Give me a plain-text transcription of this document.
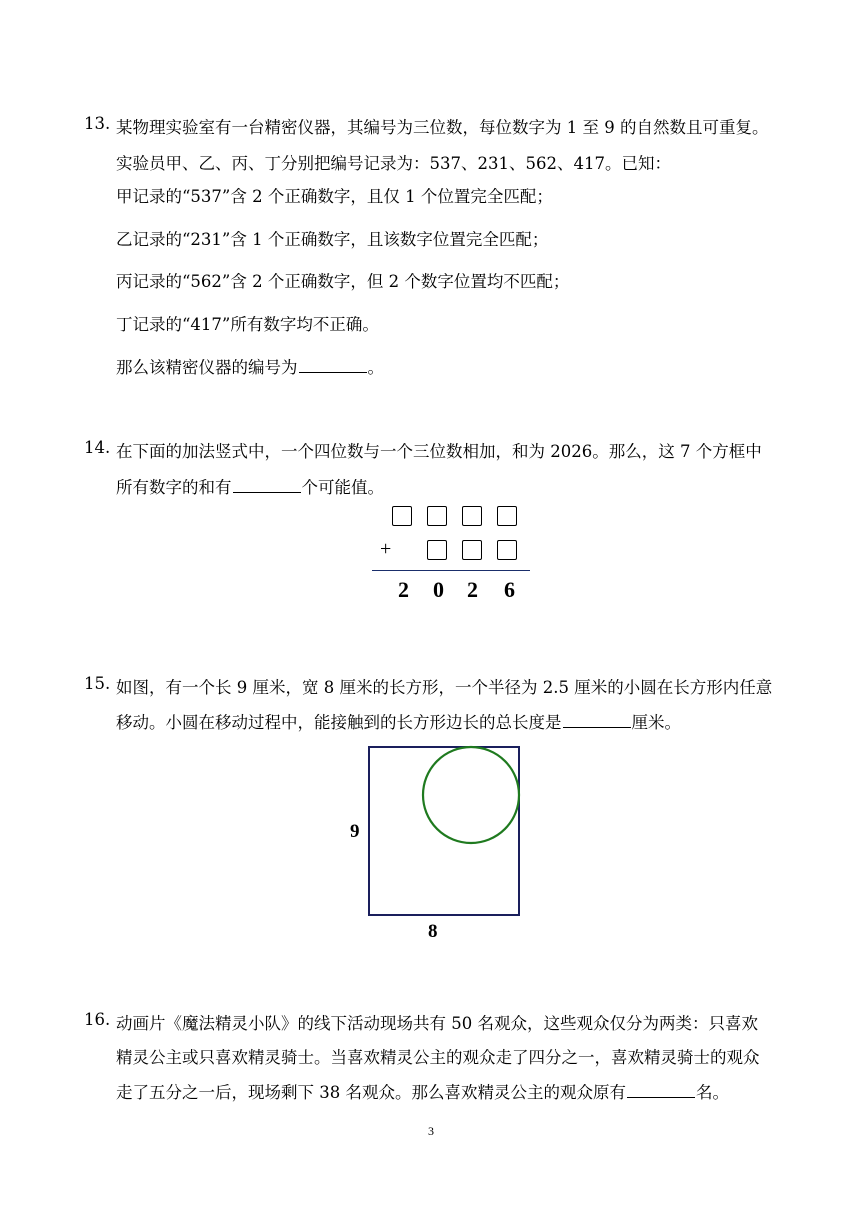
13. 某物理实验室有一台精密仪器，其编号为三位数，每位数字为 1 至 9 的自然数且可重复。
实验员甲、乙、丙、丁分别把编号记录为：537、231、562、417。已知：
甲记录的“537”含 2 个正确数字，且仅 1 个位置完全匹配；
乙记录的“231”含 1 个正确数字，且该数字位置完全匹配；
丙记录的“562”含 2 个正确数字，但 2 个数字位置均不匹配；
丁记录的“417”所有数字均不正确。
那么该精密仪器的编号为	。
14. 在下面的加法竖式中，一个四位数与一个三位数相加，和为 2026。那么，这 7 个方框中
所有数字的和有	个可能值。
+
2 0 2 6
15. 如图，有一个长 9 厘米，宽 8 厘米的长方形，一个半径为 2.5 厘米的小圆在长方形内任意
移动。小圆在移动过程中，能接触到的长方形边长的总长度是	厘米。
9
8
16. 动画片《魔法精灵小队》的线下活动现场共有 50 名观众，这些观众仅分为两类：只喜欢
精灵公主或只喜欢精灵骑士。当喜欢精灵公主的观众走了四分之一，喜欢精灵骑士的观众
走了五分之一后，现场剩下 38 名观众。那么喜欢精灵公主的观众原有	名。
3
